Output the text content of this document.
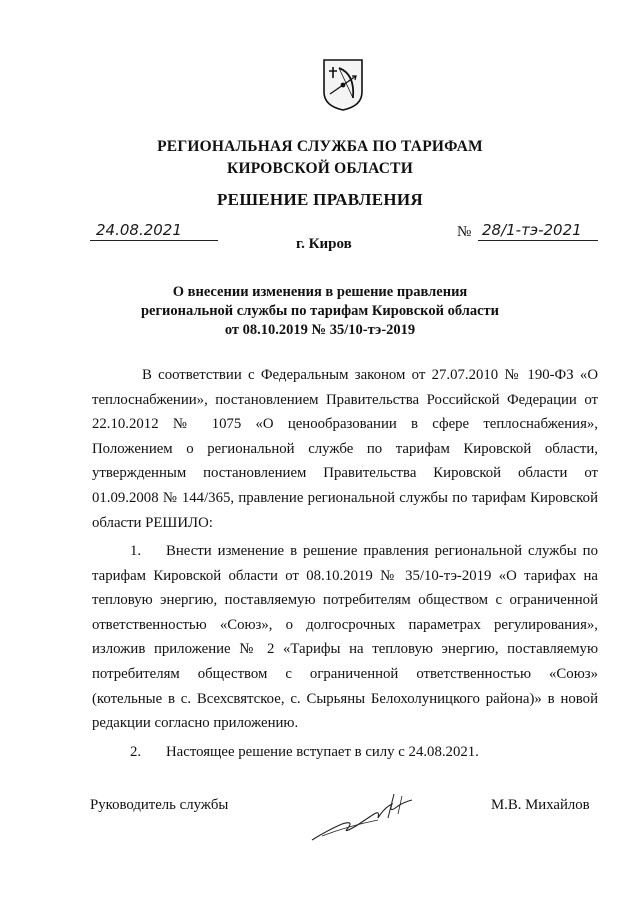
РЕГИОНАЛЬНАЯ СЛУЖБА ПО ТАРИФАМ
КИРОВСКОЙ ОБЛАСТИ
РЕШЕНИЕ ПРАВЛЕНИЯ
24.08.2021	№ 28/1-тэ-2021
г. Киров
О внесении изменения в решение правления
региональной службы по тарифам Кировской области
от 08.10.2019 № 35/10-тэ-2019
В соответствии с Федеральным законом от 27.07.2010 № 190-ФЗ «О теплоснабжении», постановлением Правительства Российской Федерации от 22.10.2012 № 1075 «О ценообразовании в сфере теплоснабжения», Положением о региональной службе по тарифам Кировской области, утвержденным постановлением Правительства Кировской области от 01.09.2008 № 144/365, правление региональной службы по тарифам Кировской области РЕШИЛО:
1. Внести изменение в решение правления региональной службы по тарифам Кировской области от 08.10.2019 № 35/10-тэ-2019 «О тарифах на тепловую энергию, поставляемую потребителям обществом с ограниченной ответственностью «Союз», о долгосрочных параметрах регулирования», изложив приложение № 2 «Тарифы на тепловую энергию, поставляемую потребителям обществом с ограниченной ответственностью «Союз» (котельные в с. Всехсвятское, с. Сырьяны Белохолуницкого района)» в новой редакции согласно приложению.
2. Настоящее решение вступает в силу с 24.08.2021.
Руководитель службы	М.В. Михайлов
